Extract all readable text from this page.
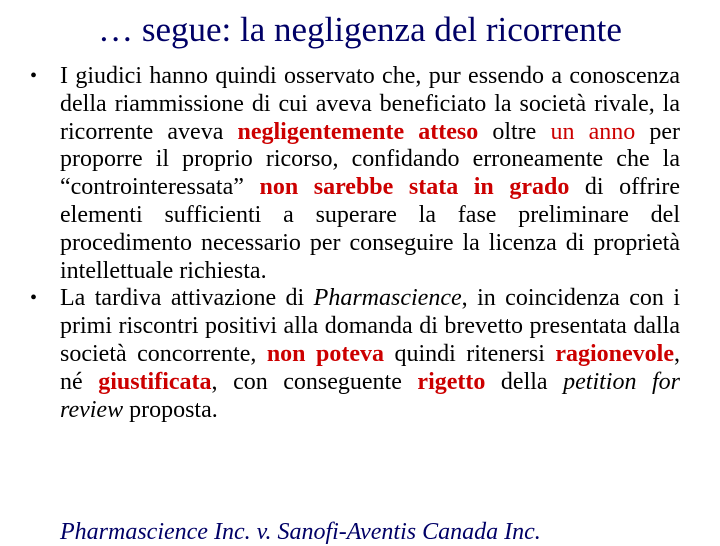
… segue: la negligenza del ricorrente
• I giudici hanno quindi osservato che, pur essendo a conoscenza della riammissione di cui aveva beneficiato la società rivale, la ricorrente aveva negligentemente atteso oltre un anno per proporre il proprio ricorso, confidando erroneamente che la “controinteressata” non sarebbe stata in grado di offrire elementi sufficienti a superare la fase preliminare del procedimento necessario per conseguire la licenza di proprietà intellettuale richiesta.
• La tardiva attivazione di Pharmascience, in coincidenza con i primi riscontri positivi alla domanda di brevetto presentata dalla società concorrente, non poteva quindi ritenersi ragionevole, né giustificata, con conseguente rigetto della petition for review proposta.
Pharmascience Inc. v. Sanofi-Aventis Canada Inc.
